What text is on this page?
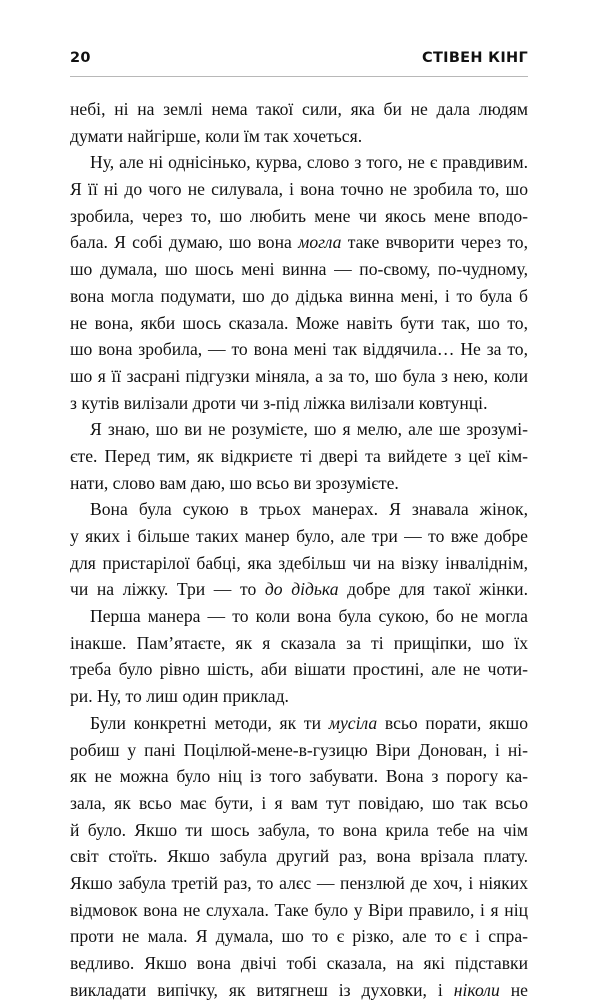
20	СТІВЕН КІНГ
небі, ні на землі нема такої сили, яка би не дала людям
думати найгірше, коли їм так хочеться.
Ну, але ні однісінько, курва, слово з того, не є правдивим.
Я її ні до чого не силувала, і вона точно не зробила то, шо
зробила, через то, шо любить мене чи якось мене вподо-
бала. Я собі думаю, шо вона могла таке вчворити через то,
шо думала, шо шось мені винна — по-свому, по-чудному,
вона могла подумати, шо до дідька винна мені, і то була б
не вона, якби шось сказала. Може навіть бути так, шо то,
шо вона зробила, — то вона мені так віддячила… Не за то,
шо я її засрані підгузки міняла, а за то, шо була з нею, коли
з кутів вилізали дроти чи з-під ліжка вилізали ковтунці.
Я знаю, шо ви не розумієте, шо я мелю, але ше зрозумі-
єте. Перед тим, як відкриєте ті двері та вийдете з цеї кім-
нати, слово вам даю, шо всьо ви зрозумієте.
Вона була сукою в трьох манерах. Я знавала жінок,
у яких і більше таких манер було, але три — то вже добре
для пристарілої бабці, яка здебільш чи на візку інваліднім,
чи на ліжку. Три — то до дідька добре для такої жінки.
Перша манера — то коли вона була сукою, бо не могла
інакше. Пам’ятаєте, як я сказала за ті прищіпки, шо їх
треба було рівно шість, аби вішати простині, але не чоти-
ри. Ну, то лиш один приклад.
Були конкретні методи, як ти мусіла всьо порати, якшо
робиш у пані Поцілюй-мене-в-гузицю Віри Донован, і ні-
як не можна було ніц із того забувати. Вона з порогу ка-
зала, як всьо має бути, і я вам тут повідаю, шо так всьо
й було. Якшо ти шось забула, то вона крила тебе на чім
світ стоїть. Якшо забула другий раз, вона врізала плату.
Якшо забула третій раз, то алєс — пензлюй де хоч, і ніяких
відмовок вона не слухала. Таке було у Віри правило, і я ніц
проти не мала. Я думала, шо то є різко, але то є і спра-
ведливо. Якшо вона двічі тобі сказала, на які підставки
викладати випічку, як витягнеш із духовки, і ніколи не
